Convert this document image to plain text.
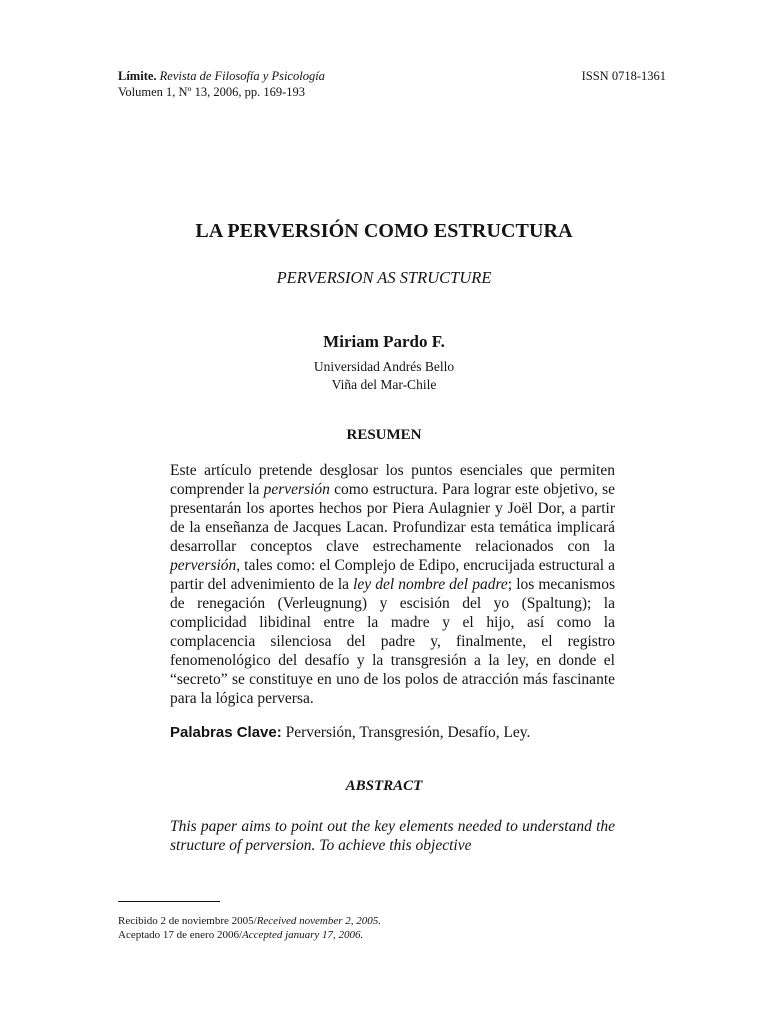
Límite. Revista de Filosofía y Psicología
Volumen 1, Nº 13, 2006, pp. 169-193
ISSN 0718-1361
LA PERVERSIÓN COMO ESTRUCTURA
PERVERSION AS STRUCTURE
Miriam Pardo F.
Universidad Andrés Bello
Viña del Mar-Chile
RESUMEN
Este artículo pretende desglosar los puntos esenciales que permiten comprender la perversión como estructura. Para lograr este objetivo, se presentarán los aportes hechos por Piera Aulagnier y Joël Dor, a partir de la enseñanza de Jacques Lacan. Profundizar esta temática implicará desarrollar conceptos clave estrechamente relacionados con la perversión, tales como: el Complejo de Edipo, encrucijada estructural a partir del advenimiento de la ley del nombre del padre; los mecanismos de renegación (Verleugnung) y escisión del yo (Spaltung); la complicidad libidinal entre la madre y el hijo, así como la complacencia silenciosa del padre y, finalmente, el registro fenomenológico del desafío y la transgresión a la ley, en donde el “secreto” se constituye en uno de los polos de atracción más fascinante para la lógica perversa.
Palabras Clave: Perversión, Transgresión, Desafío, Ley.
ABSTRACT
This paper aims to point out the key elements needed to understand the structure of perversion. To achieve this objective
Recibido 2 de noviembre 2005/Received november 2, 2005.
Aceptado 17 de enero 2006/Accepted january 17, 2006.
